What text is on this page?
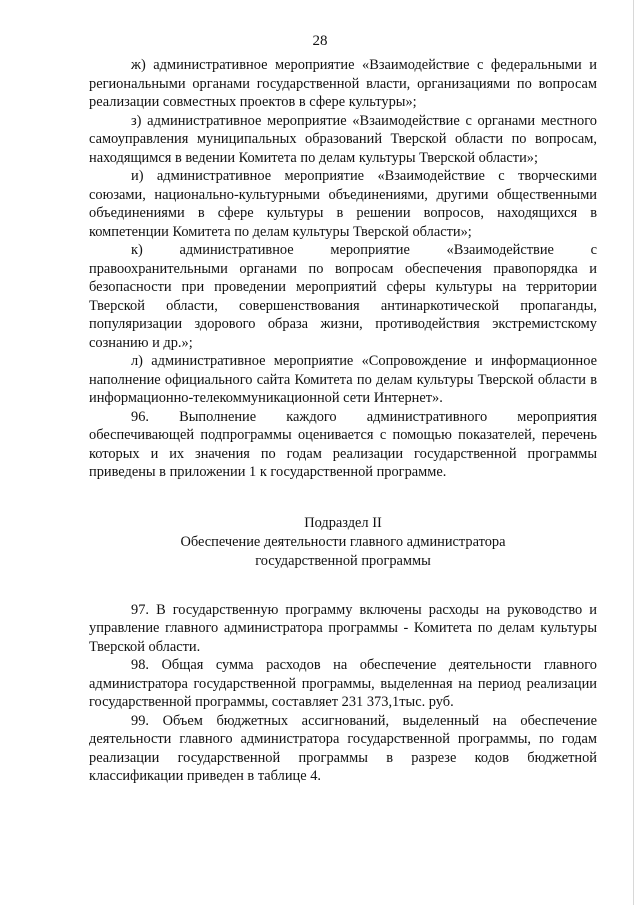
28

ж) административное мероприятие «Взаимодействие с федеральными и региональными органами государственной власти, организациями по вопросам реализации совместных проектов в сфере культуры»;

з) административное мероприятие «Взаимодействие с органами местного самоуправления муниципальных образований Тверской области по вопросам, находящимся в ведении Комитета по делам культуры Тверской области»;

и) административное мероприятие «Взаимодействие с творческими союзами, национально-культурными объединениями, другими общественными объединениями в сфере культуры в решении вопросов, находящихся в компетенции Комитета по делам культуры Тверской области»;

к) административное мероприятие «Взаимодействие с правоохранительными органами по вопросам обеспечения правопорядка и безопасности при проведении мероприятий сферы культуры на территории Тверской области, совершенствования антинаркотической пропаганды, популяризации здорового образа жизни, противодействия экстремистскому сознанию и др.»;

л) административное мероприятие «Сопровождение и информационное наполнение официального сайта Комитета по делам культуры Тверской области в информационно-телекоммуникационной сети Интернет».

96. Выполнение каждого административного мероприятия обеспечивающей подпрограммы оценивается с помощью показателей, перечень которых и их значения по годам реализации государственной программы приведены в приложении 1 к государственной программе.

Подраздел II
Обеспечение деятельности главного администратора
государственной программы

97. В государственную программу включены расходы на руководство и управление главного администратора программы - Комитета по делам культуры Тверской области.

98. Общая сумма расходов на обеспечение деятельности главного администратора государственной программы, выделенная на период реализации государственной программы, составляет 231 373,1тыс. руб.

99. Объем бюджетных ассигнований, выделенный на обеспечение деятельности главного администратора государственной программы, по годам реализации государственной программы в разрезе кодов бюджетной классификации приведен в таблице 4.
